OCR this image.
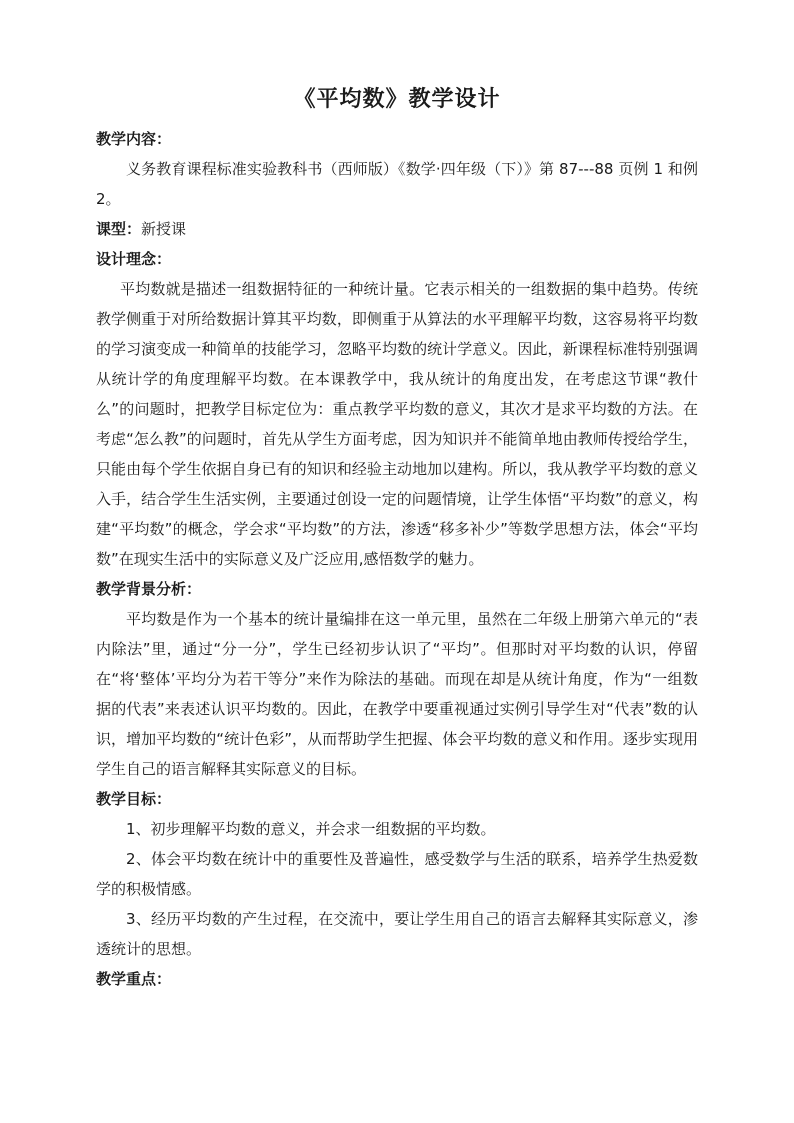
《平均数》教学设计
教学内容：

义务教育课程标准实验教科书（西师版）《数学·四年级（下）》第 87---88 页例 1 和例 2。

课型：新授课

设计理念：

平均数就是描述一组数据特征的一种统计量。它表示相关的一组数据的集中趋势。传统教学侧重于对所给数据计算其平均数，即侧重于从算法的水平理解平均数，这容易将平均数的学习演变成一种简单的技能学习，忽略平均数的统计学意义。因此，新课程标准特别强调从统计学的角度理解平均数。在本课教学中，我从统计的角度出发，在考虑这节课“教什么”的问题时，把教学目标定位为：重点教学平均数的意义，其次才是求平均数的方法。在考虑“怎么教”的问题时，首先从学生方面考虑，因为知识并不能简单地由教师传授给学生，只能由每个学生依据自身已有的知识和经验主动地加以建构。所以，我从教学平均数的意义入手，结合学生生活实例，主要通过创设一定的问题情境，让学生体悟“平均数”的意义，构建“平均数”的概念，学会求“平均数”的方法，渗透“移多补少”等数学思想方法，体会“平均数”在现实生活中的实际意义及广泛应用,感悟数学的魅力。

教学背景分析：

平均数是作为一个基本的统计量编排在这一单元里，虽然在二年级上册第六单元的“表内除法”里，通过“分一分”，学生已经初步认识了“平均”。但那时对平均数的认识，停留在“将‘整体’平均分为若干等分”来作为除法的基础。而现在却是从统计角度，作为“一组数据的代表”来表述认识平均数的。因此，在教学中要重视通过实例引导学生对“代表”数的认识，增加平均数的“统计色彩”，从而帮助学生把握、体会平均数的意义和作用。逐步实现用学生自己的语言解释其实际意义的目标。

教学目标：

1、初步理解平均数的意义，并会求一组数据的平均数。

2、体会平均数在统计中的重要性及普遍性，感受数学与生活的联系，培养学生热爱数学的积极情感。

3、经历平均数的产生过程，在交流中，要让学生用自己的语言去解释其实际意义，渗透统计的思想。

教学重点：
